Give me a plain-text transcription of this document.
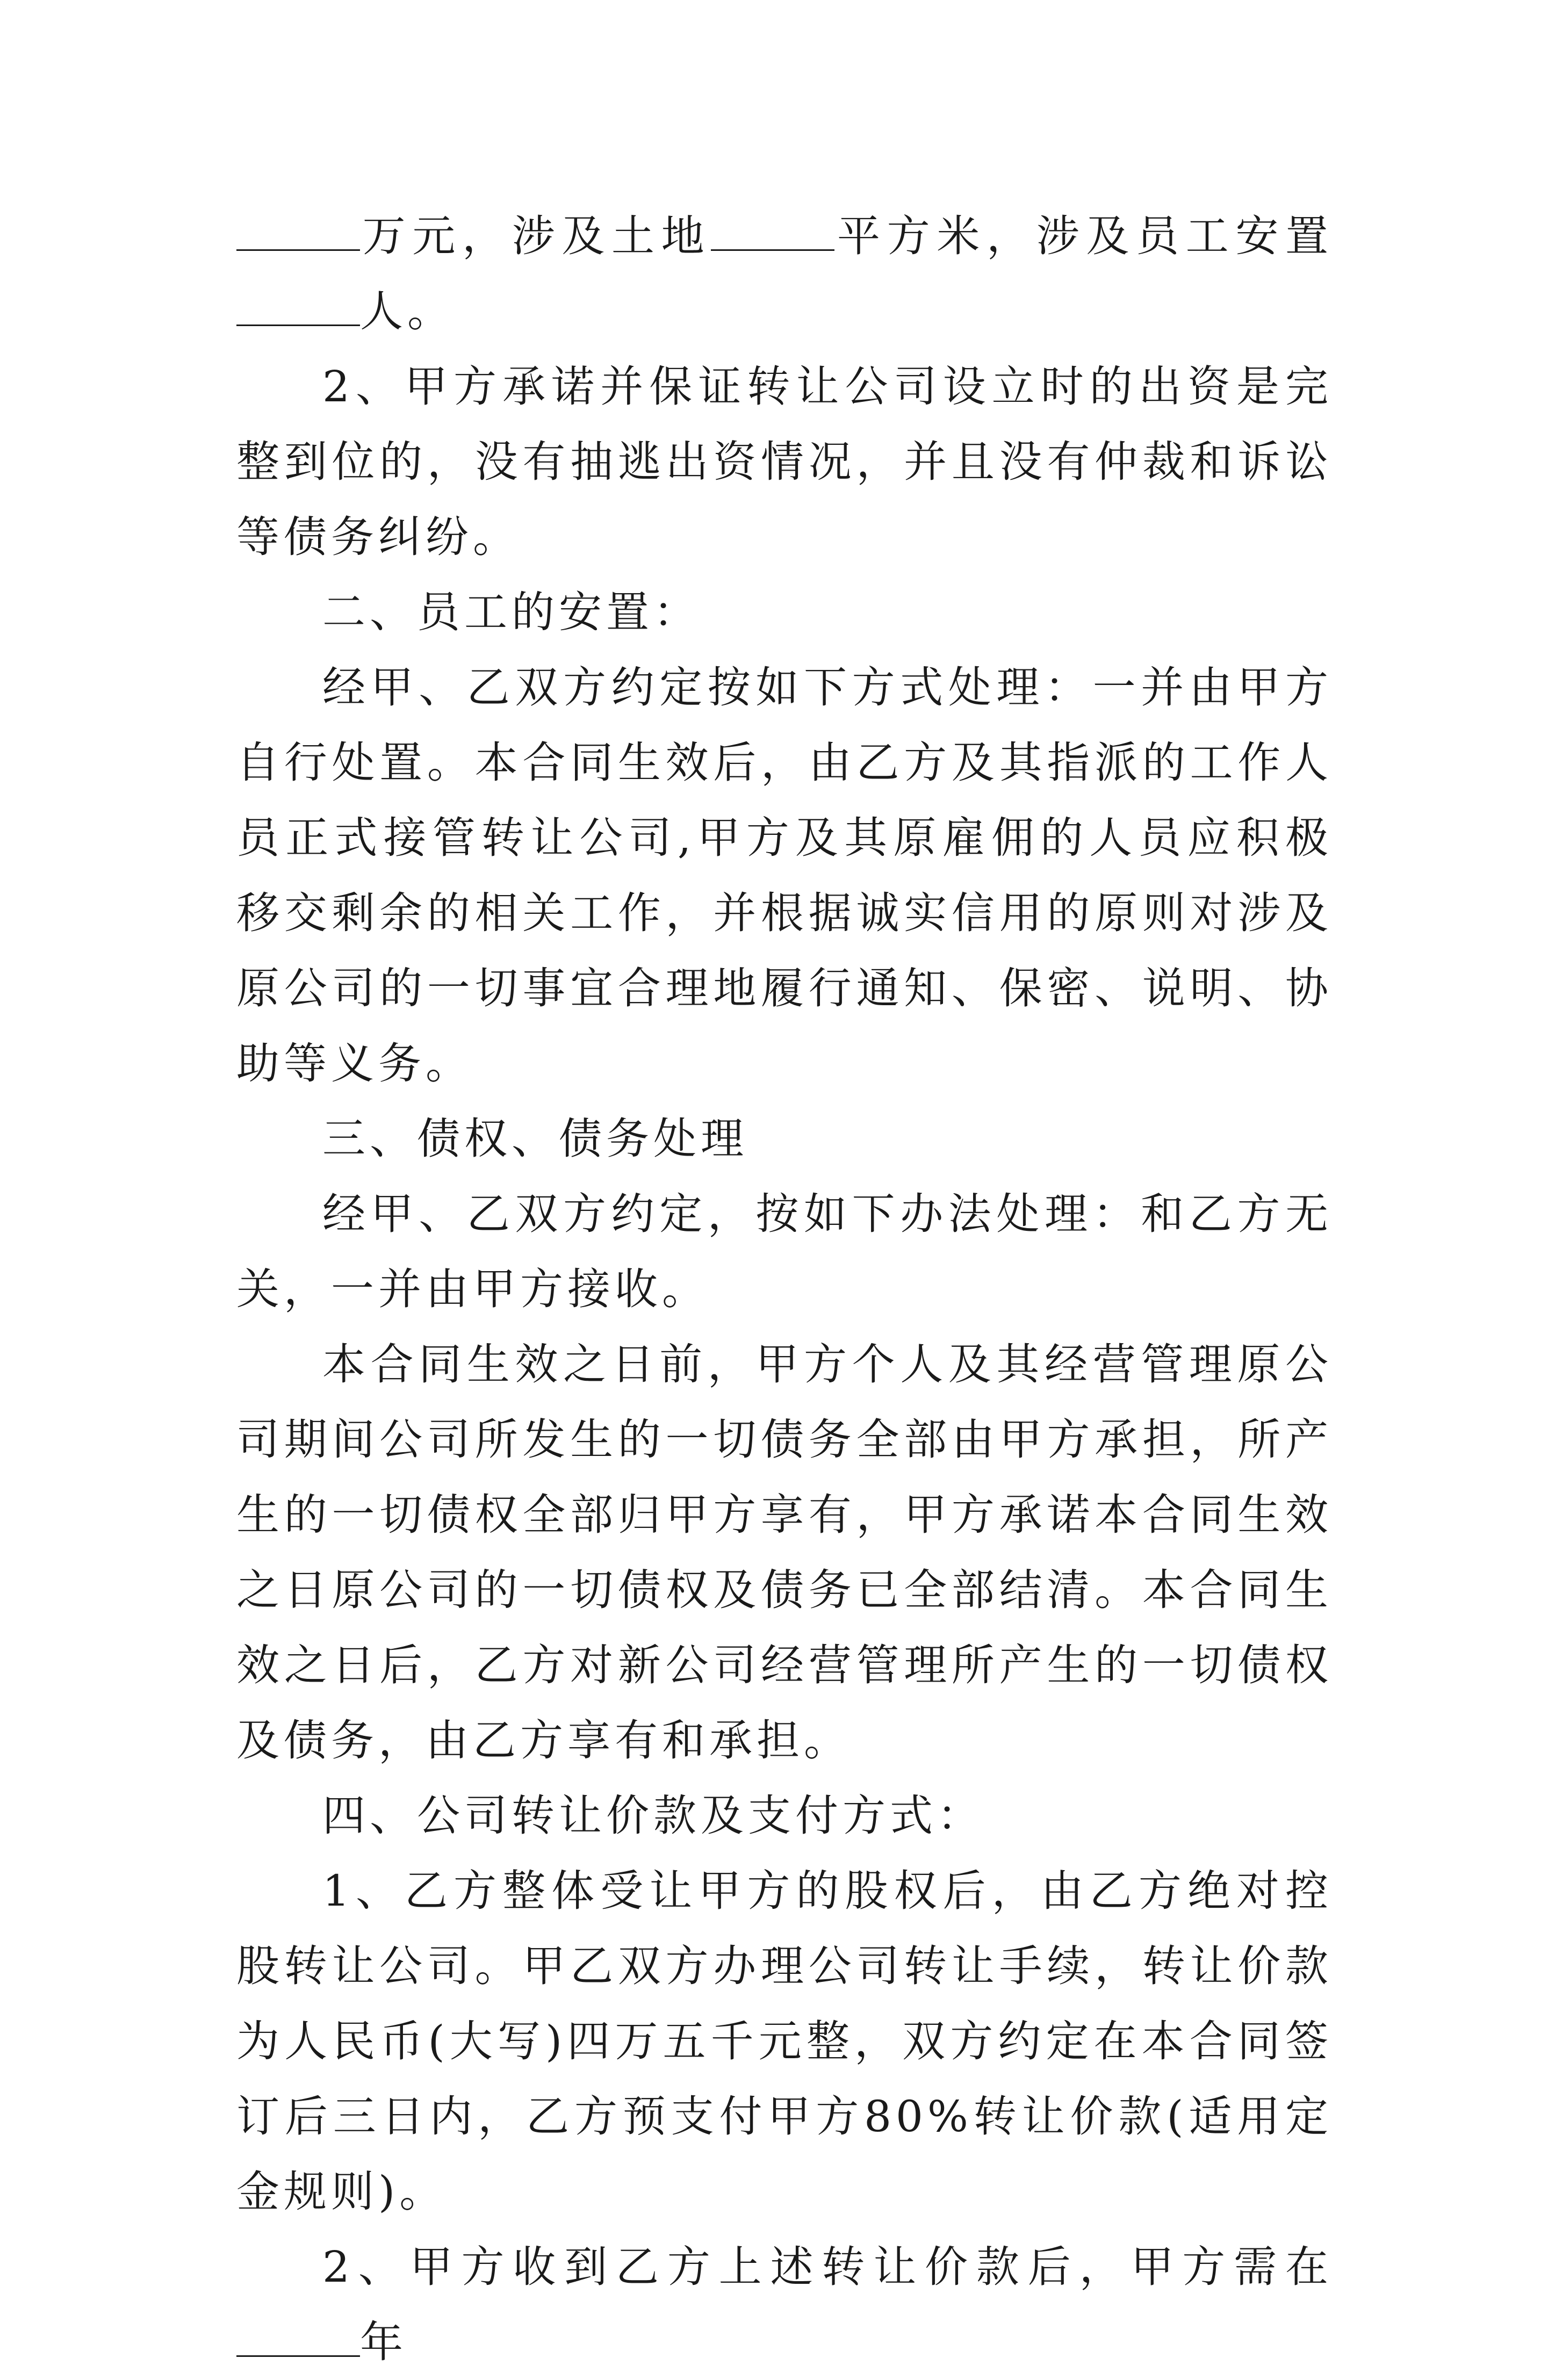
万元，涉及土地	平方米，涉及员工安置人。

2、甲方承诺并保证转让公司设立时的出资是完整到位的，没有抽逃出资情况，并且没有仲裁和诉讼等债务纠纷。

二、员工的安置：

经甲、乙双方约定按如下方式处理：一并由甲方自行处置。本合同生效后，由乙方及其指派的工作人员正式接管转让公司,甲方及其原雇佣的人员应积极移交剩余的相关工作，并根据诚实信用的原则对涉及原公司的一切事宜合理地履行通知、保密、说明、协助等义务。

三、债权、债务处理

经甲、乙双方约定，按如下办法处理：和乙方无关，一并由甲方接收。

本合同生效之日前，甲方个人及其经营管理原公司期间公司所发生的一切债务全部由甲方承担，所产生的一切债权全部归甲方享有，甲方承诺本合同生效之日原公司的一切债权及债务已全部结清。本合同生效之日后，乙方对新公司经营管理所产生的一切债权及债务，由乙方享有和承担。

四、公司转让价款及支付方式：

1、乙方整体受让甲方的股权后，由乙方绝对控股转让公司。甲乙双方办理公司转让手续，转让价款为人民币(大写)四万五千元整，双方约定在本合同签订后三日内，乙方预支付甲方80%转让价款(适用定金规则)。

2、甲方收到乙方上述转让价款后，甲方需在年
